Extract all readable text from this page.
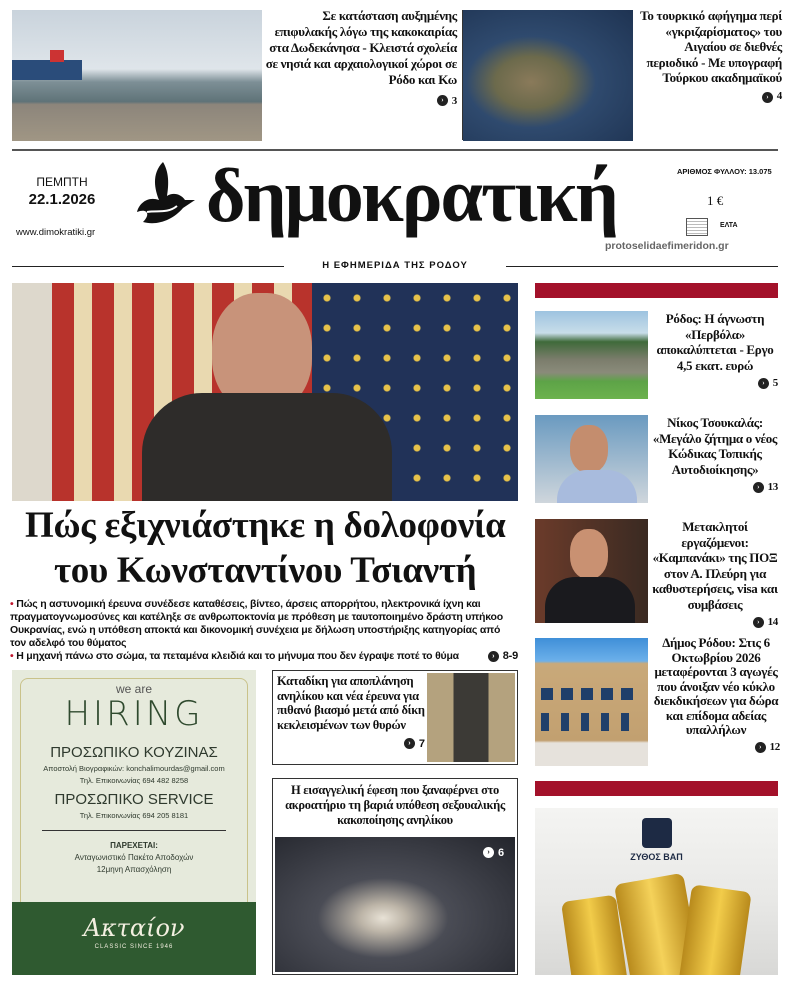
Σε κατάσταση αυξημένης επιφυλακής λόγω της κακοκαιρίας στα Δωδεκάνησα - Κλειστά σχολεία σε νησιά και αρχαιολογικοί χώροι σε Ρόδο και Κω
› 3
Το τουρκικό αφήγημα περί «γκριζαρίσματος» του Αιγαίου σε διεθνές περιοδικό - Με υπογραφή Τούρκου ακαδημαϊκού
› 4
ΠΕΜΠΤΗ
22.1.2026
www.dimokratiki.gr δημοκρατική	ΑΡΙΘΜΟΣ ΦΥΛΛΟΥ: 13.075
1 €
ΕΛΤΑ
protoselidaefimeridon.gr
Η ΕΦΗΜΕΡΙΔΑ ΤΗΣ ΡΟΔΟΥ
Πώς εξιχνιάστηκε η δολοφονία
του Κωνσταντίνου Τσιαντή
• Πώς η αστυνομική έρευνα συνέδεσε καταθέσεις, βίντεο, άρσεις απορρήτου, ηλεκτρονικά ίχνη και πραγματογνωμοσύνες και κατέληξε σε ανθρωποκτονία με πρόθεση με ταυτοποιημένο δράστη υπήκοο Ουκρανίας, ενώ η υπόθεση αποκτά και δικονομική συνέχεια με δήλωση υποστήριξης κατηγορίας από τον αδελφό του θύματος
• Η μηχανή πάνω στο σώμα, τα πεταμένα κλειδιά και το μήνυμα που δεν έγραψε ποτέ το θύμα	› 8-9
we are
HIRING
ΠΡΟΣΩΠΙΚΟ ΚΟΥΖΙΝΑΣ
Αποστολή Βιογραφικών: konchalimourdas@gmail.com
Τηλ. Επικοινωνίας 694 482 8258
ΠΡΟΣΩΠΙΚΟ SERVICE
Τηλ. Επικοινωνίας 694 205 8181
ΠΑΡΕΧΕΤΑΙ:
Ανταγωνιστικό Πακέτο Αποδοχών
12μηνη Απασχόληση
Ακταίον
CLASSIC SINCE 1946
Καταδίκη για αποπλάνηση ανηλίκου και νέα έρευνα για πιθανό βιασμό μετά από δίκη κεκλεισμένων των θυρών
› 7
Η εισαγγελική έφεση που ξαναφέρνει στο ακροατήριο τη βαριά υπόθεση σεξουαλικής κακοποίησης ανηλίκου
› 6
Ρόδος: Η άγνωστη «Περβόλα» αποκαλύπτεται - Εργο 4,5 εκατ. ευρώ
› 5
Νίκος Τσουκαλάς: «Μεγάλο ζήτημα ο νέος Κώδικας Τοπικής Αυτοδιοίκησης»
› 13
Μετακλητοί εργαζόμενοι: «Καμπανάκι» της ΠΟΞ στον Α. Πλεύρη για καθυστερήσεις, visa και συμβάσεις
› 14
Δήμος Ρόδου: Στις 6 Οκτωβρίου 2026 μεταφέρονται 3 αγωγές που άνοιξαν νέο κύκλο διεκδικήσεων για δώρα και επίδομα αδείας υπαλλήλων
› 12
ΖΥΘΟΣ ΒΑΠ
